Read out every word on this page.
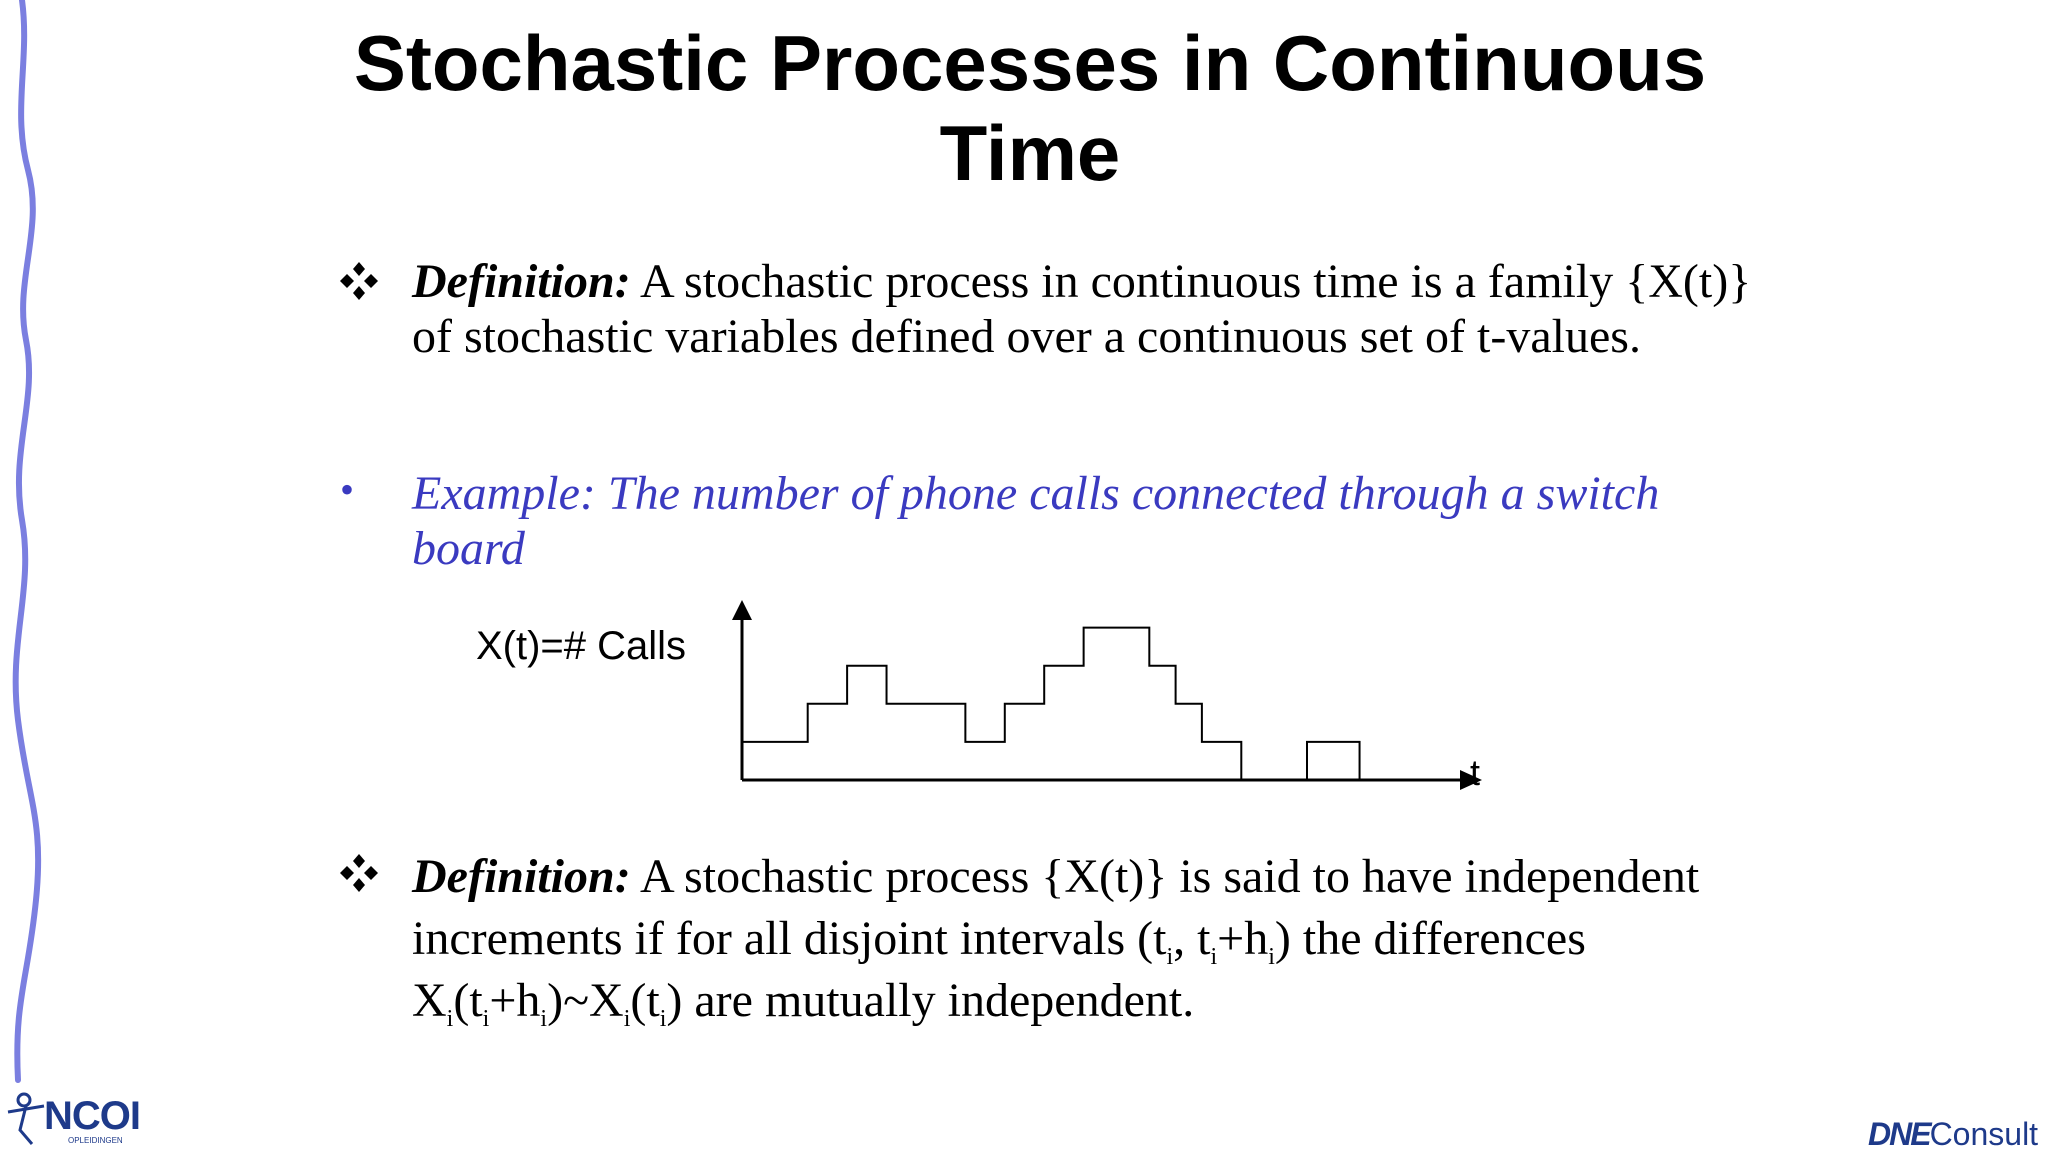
Stochastic Processes in Continuous Time
Definition: A stochastic process in continuous time is a family {X(t)} of stochastic variables defined over a continuous set of t-values.
• Example: The number of phone calls connected through a switch board
X(t)=# Calls
t
Definition: A stochastic process {X(t)} is said to have independent increments if for all disjoint intervals ($t_i$, $t_i+h_i$) the differences $X_i(t_i+h_i)\sim X_i(t_i)$ are mutually independent.
NCOI
OPLEIDINGEN	DNEConsult
